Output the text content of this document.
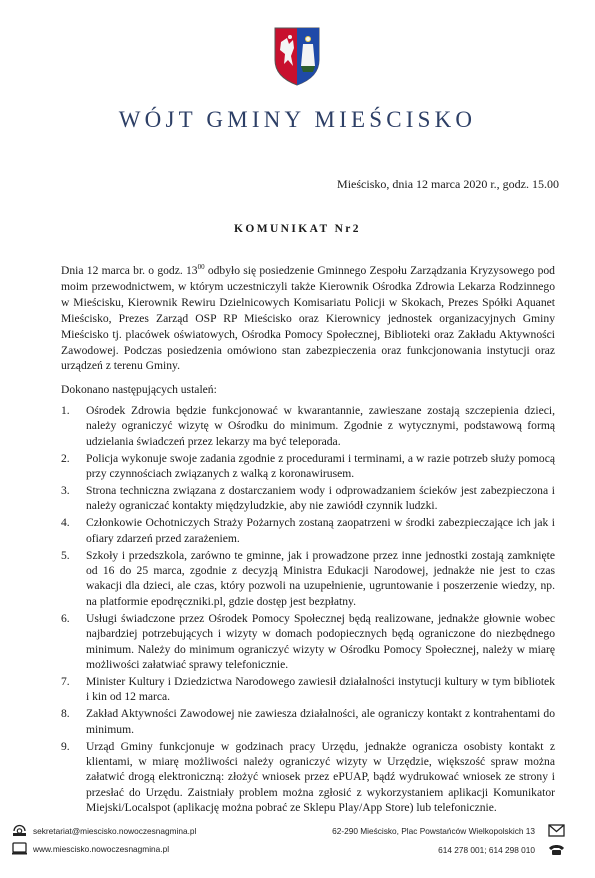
WÓJT GMINY MIEŚCISKO
Mieścisko, dnia 12 marca 2020 r., godz. 15.00
KOMUNIKAT Nr2

Dnia 12 marca br. o godz. $13^{00}$ odbyło się posiedzenie Gminnego Zespołu Zarządzania Kryzysowego pod moim przewodnictwem, w którym uczestniczyli także Kierownik Ośrodka Zdrowia Lekarza Rodzinnego w Mieścisku, Kierownik Rewiru Dzielnicowych Komisariatu Policji w Skokach, Prezes Spółki Aquanet Mieścisko, Prezes Zarząd OSP RP Mieścisko oraz Kierownicy jednostek organizacyjnych Gminy Mieścisko tj. placówek oświatowych, Ośrodka Pomocy Społecznej, Biblioteki oraz Zakładu Aktywności Zawodowej. Podczas posiedzenia omówiono stan zabezpieczenia oraz funkcjonowania instytucji oraz urządzeń z terenu Gminy.

Dokonano następujących ustaleń:

1. Ośrodek Zdrowia będzie funkcjonować w kwarantannie, zawieszane zostają szczepienia dzieci, należy ograniczyć wizytę w Ośrodku do minimum. Zgodnie z wytycznymi, podstawową formą udzielania świadczeń przez lekarzy ma być teleporada.
2. Policja wykonuje swoje zadania zgodnie z procedurami i terminami, a w razie potrzeb służy pomocą przy czynnościach związanych z walką z koronawirusem.
3. Strona techniczna związana z dostarczaniem wody i odprowadzaniem ścieków jest zabezpieczona i należy ograniczać kontakty międzyludzkie, aby nie zawiódł czynnik ludzki.
4. Członkowie Ochotniczych Straży Pożarnych zostaną zaopatrzeni w środki zabezpieczające ich jak i ofiary zdarzeń przed zarażeniem.
5. Szkoły i przedszkola, zarówno te gminne, jak i prowadzone przez inne jednostki zostają zamknięte od 16 do 25 marca, zgodnie z decyzją Ministra Edukacji Narodowej, jednakże nie jest to czas wakacji dla dzieci, ale czas, który pozwoli na uzupełnienie, ugruntowanie i poszerzenie wiedzy, np. na platformie epodręczniki.pl, gdzie dostęp jest bezpłatny.
6. Usługi świadczone przez Ośrodek Pomocy Społecznej będą realizowane, jednakże głownie wobec najbardziej potrzebujących i wizyty w domach podopiecznych będą ograniczone do niezbędnego minimum. Należy do minimum ograniczyć wizyty w Ośrodku Pomocy Społecznej, należy w miarę możliwości załatwiać sprawy telefonicznie.
7. Minister Kultury i Dziedzictwa Narodowego zawiesił działalności instytucji kultury w tym bibliotek i kin od 12 marca.
8. Zakład Aktywności Zawodowej nie zawiesza działalności, ale ograniczy kontakt z kontrahentami do minimum.
9. Urząd Gminy funkcjonuje w godzinach pracy Urzędu, jednakże ogranicza osobisty kontakt z klientami, w miarę możliwości należy ograniczyć wizyty w Urzędzie, większość spraw można załatwić drogą elektroniczną: złożyć wniosek przez ePUAP, bądź wydrukować wniosek ze strony i przesłać do Urzędu. Zaistniały problem można zgłosić z wykorzystaniem aplikacji Komunikator Miejski/Localspot (aplikację można pobrać ze Sklepu Play/App Store) lub telefonicznie.
sekretariat@miescisko.nowoczesnagmina.pl
www.miescisko.nowoczesnagmina.pl
62-290 Mieścisko, Plac Powstańców Wielkopolskich 13
614 278 001; 614 298 010
